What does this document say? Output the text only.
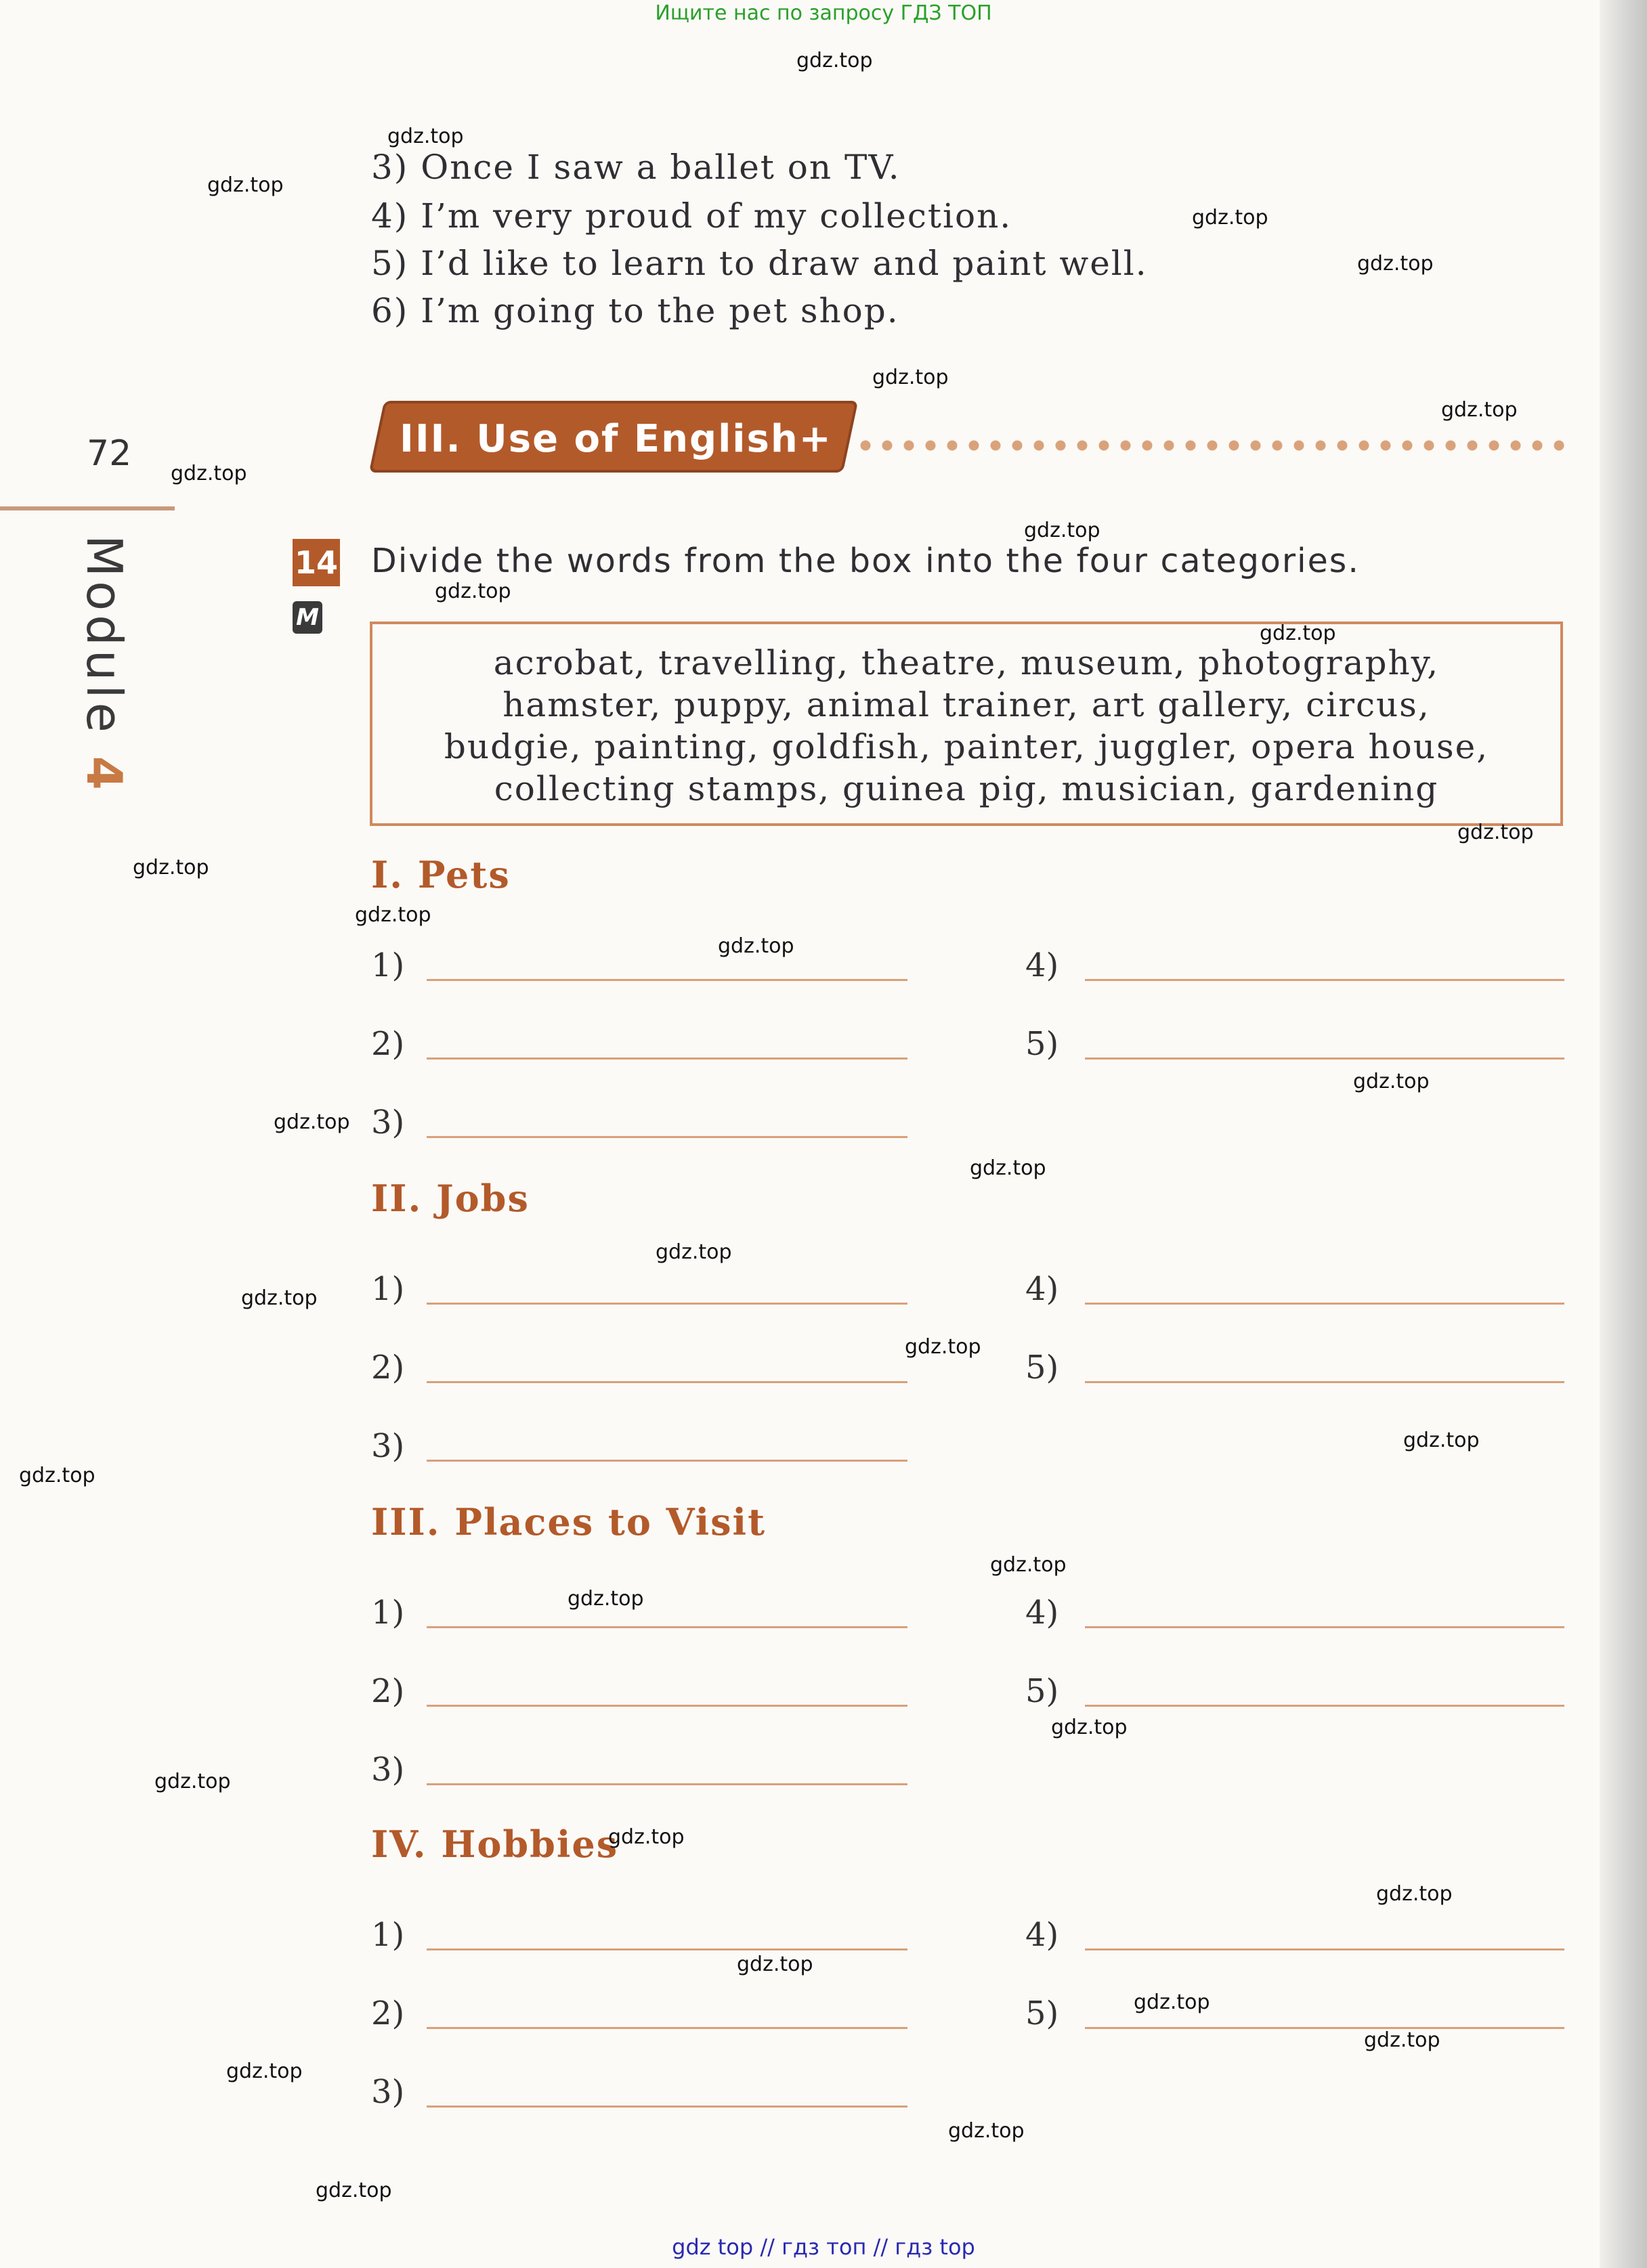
Ищите нас по запросу ГДЗ ТОП
3) Once I saw a ballet on TV.
4) I’m very proud of my collection.
5) I’d like to learn to draw and paint well.
6) I’m going to the pet shop.
72
Module 4
III. Use of English+
14
M
Divide the words from the box into the four categories.
acrobat, travelling, theatre, museum, photography,
hamster, puppy, animal trainer, art gallery, circus,
budgie, painting, goldfish, painter, juggler, opera house,
collecting stamps, guinea pig, musician, gardening
I. Pets
1)
2)
3)
4)
5)
II. Jobs
1)
2)
3)
4)
5)
III. Places to Visit
1)
2)
3)
4)
5)
IV. Hobbies
1)
2)
3)
4)
5)
gdz.top
gdz.top
gdz.top
gdz.top
gdz.top
gdz.top
gdz.top
gdz.top
gdz.top
gdz.top
gdz.top
gdz.top
gdz.top
gdz.top
gdz.top
gdz.top
gdz.top
gdz.top
gdz.top
gdz.top
gdz.top
gdz.top
gdz.top
gdz.top
gdz.top
gdz.top
gdz.top
gdz.top
gdz.top
gdz.top
gdz.top
gdz.top
gdz.top
gdz.top
gdz.top
gdz top // гдз топ // гдз top
